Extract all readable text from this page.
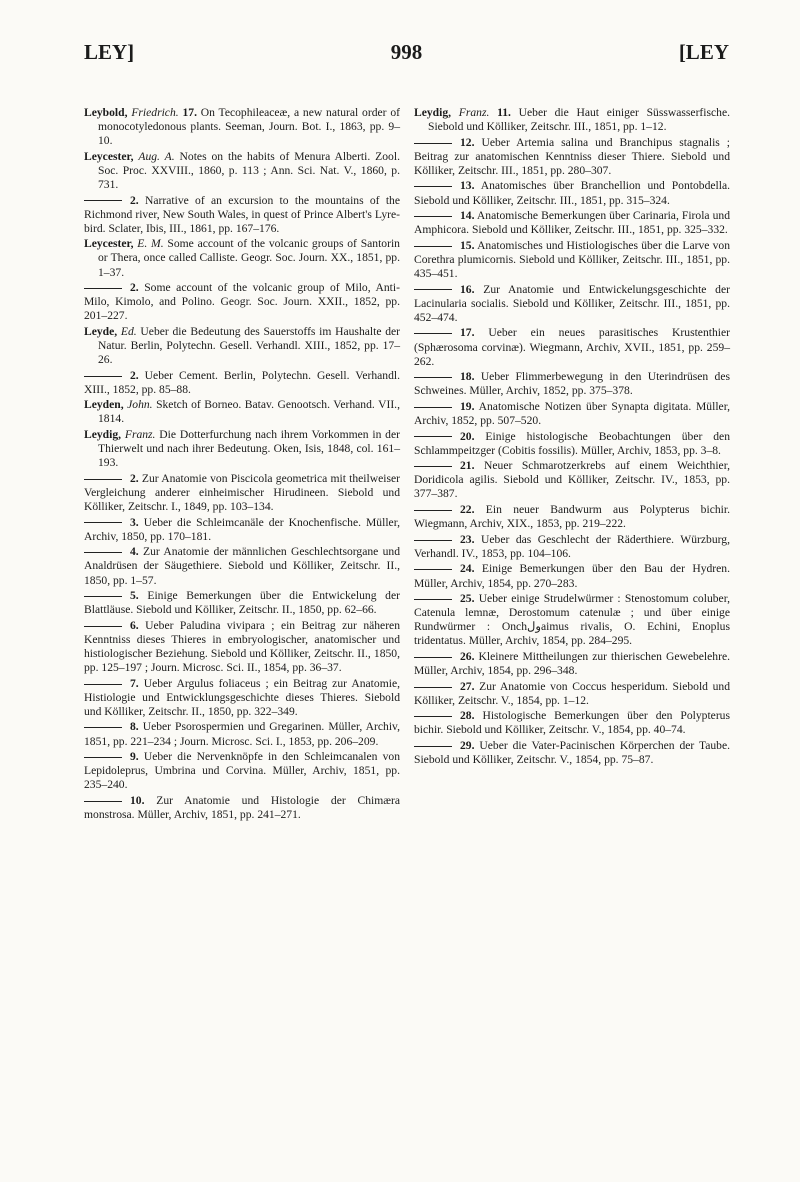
LEY]	998	[LEY

Leybold, Friedrich. 17. On Tecophileaceæ, a new natural order of monocotyledonous plants. Seeman, Journ. Bot. I., 1863, pp. 9–10.

Leycester, Aug. A. Notes on the habits of Menura Alberti. Zool. Soc. Proc. XXVIII., 1860, p. 113 ; Ann. Sci. Nat. V., 1860, p. 731.

2. Narrative of an excursion to the mountains of the Richmond river, New South Wales, in quest of Prince Albert's Lyre-bird. Sclater, Ibis, III., 1861, pp. 167–176.

Leycester, E. M. Some account of the volcanic groups of Santorin or Thera, once called Calliste. Geogr. Soc. Journ. XX., 1851, pp. 1–37.

2. Some account of the volcanic group of Milo, Anti-Milo, Kimolo, and Polino. Geogr. Soc. Journ. XXII., 1852, pp. 201–227.

Leyde, Ed. Ueber die Bedeutung des Sauerstoffs im Haushalte der Natur. Berlin, Polytechn. Gesell. Verhandl. XIII., 1852, pp. 17–26.

2. Ueber Cement. Berlin, Polytechn. Gesell. Verhandl. XIII., 1852, pp. 85–88.

Leyden, John. Sketch of Borneo. Batav. Genootsch. Verhand. VII., 1814.

Leydig, Franz. Die Dotterfurchung nach ihrem Vorkommen in der Thierwelt und nach ihrer Bedeutung. Oken, Isis, 1848, col. 161–193.

2. Zur Anatomie von Piscicola geometrica mit theilweiser Vergleichung anderer einheimischer Hirudineen. Siebold und Kölliker, Zeitschr. I., 1849, pp. 103–134.

3. Ueber die Schleimcanäle der Knochenfische. Müller, Archiv, 1850, pp. 170–181.

4. Zur Anatomie der männlichen Geschlechtsorgane und Analdrüsen der Säugethiere. Siebold und Kölliker, Zeitschr. II., 1850, pp. 1–57.

5. Einige Bemerkungen über die Entwickelung der Blattläuse. Siebold und Kölliker, Zeitschr. II., 1850, pp. 62–66.

6. Ueber Paludina vivipara ; ein Beitrag zur näheren Kenntniss dieses Thieres in embryologischer, anatomischer und histiologischer Beziehung. Siebold und Kölliker, Zeitschr. II., 1850, pp. 125–197 ; Journ. Microsc. Sci. II., 1854, pp. 36–37.

7. Ueber Argulus foliaceus ; ein Beitrag zur Anatomie, Histiologie und Entwicklungsgeschichte dieses Thieres. Siebold und Kölliker, Zeitschr. II., 1850, pp. 322–349.

8. Ueber Psorospermien und Gregarinen. Müller, Archiv, 1851, pp. 221–234 ; Journ. Microsc. Sci. I., 1853, pp. 206–209.

9. Ueber die Nervenknöpfe in den Schleimcanalen von Lepidoleprus, Umbrina und Corvina. Müller, Archiv, 1851, pp. 235–240.

10. Zur Anatomie und Histologie der Chimæra monstrosa. Müller, Archiv, 1851, pp. 241–271.

Leydig, Franz. 11. Ueber die Haut einiger Süsswasserfische. Siebold und Kölliker, Zeitschr. III., 1851, pp. 1–12.

12. Ueber Artemia salina und Branchipus stagnalis ; Beitrag zur anatomischen Kenntniss dieser Thiere. Siebold und Kölliker, Zeitschr. III., 1851, pp. 280–307.

13. Anatomisches über Branchellion und Pontobdella. Siebold und Kölliker, Zeitschr. III., 1851, pp. 315–324.

14. Anatomische Bemerkungen über Carinaria, Firola und Amphicora. Siebold und Kölliker, Zeitschr. III., 1851, pp. 325–332.

15. Anatomisches und Histiologisches über die Larve von Corethra plumicornis. Siebold und Kölliker, Zeitschr. III., 1851, pp. 435–451.

16. Zur Anatomie und Entwickelungsgeschichte der Lacinularia socialis. Siebold und Kölliker, Zeitschr. III., 1851, pp. 452–474.

17. Ueber ein neues parasitisches Krustenthier (Sphærosoma corvinæ). Wiegmann, Archiv, XVII., 1851, pp. 259–262.

18. Ueber Flimmerbewegung in den Uterindrüsen des Schweines. Müller, Archiv, 1852, pp. 375–378.

19. Anatomische Notizen über Synapta digitata. Müller, Archiv, 1852, pp. 507–520.

20. Einige histologische Beobachtungen über den Schlammpeitzger (Cobitis fossilis). Müller, Archiv, 1853, pp. 3–8.

21. Neuer Schmarotzerkrebs auf einem Weichthier, Doridicola agilis. Siebold und Kölliker, Zeitschr. IV., 1853, pp. 377–387.

22. Ein neuer Bandwurm aus Polypterus bichir. Wiegmann, Archiv, XIX., 1853, pp. 219–222.

23. Ueber das Geschlecht der Räderthiere. Würzburg, Verhandl. IV., 1853, pp. 104–106.

24. Einige Bemerkungen über den Bau der Hydren. Müller, Archiv, 1854, pp. 270–283.

25. Ueber einige Strudelwürmer : Stenostomum coluber, Catenula lemnæ, Derostomum catenulæ ; und über einige Rundwürmer : Onchولaimus rivalis, O. Echini, Enoplus tridentatus. Müller, Archiv, 1854, pp. 284–295.

26. Kleinere Mittheilungen zur thierischen Gewebelehre. Müller, Archiv, 1854, pp. 296–348.

27. Zur Anatomie von Coccus hesperidum. Siebold und Kölliker, Zeitschr. V., 1854, pp. 1–12.

28. Histologische Bemerkungen über den Polypterus bichir. Siebold und Kölliker, Zeitschr. V., 1854, pp. 40–74.

29. Ueber die Vater-Pacinischen Körperchen der Taube. Siebold und Kölliker, Zeitschr. V., 1854, pp. 75–87.
